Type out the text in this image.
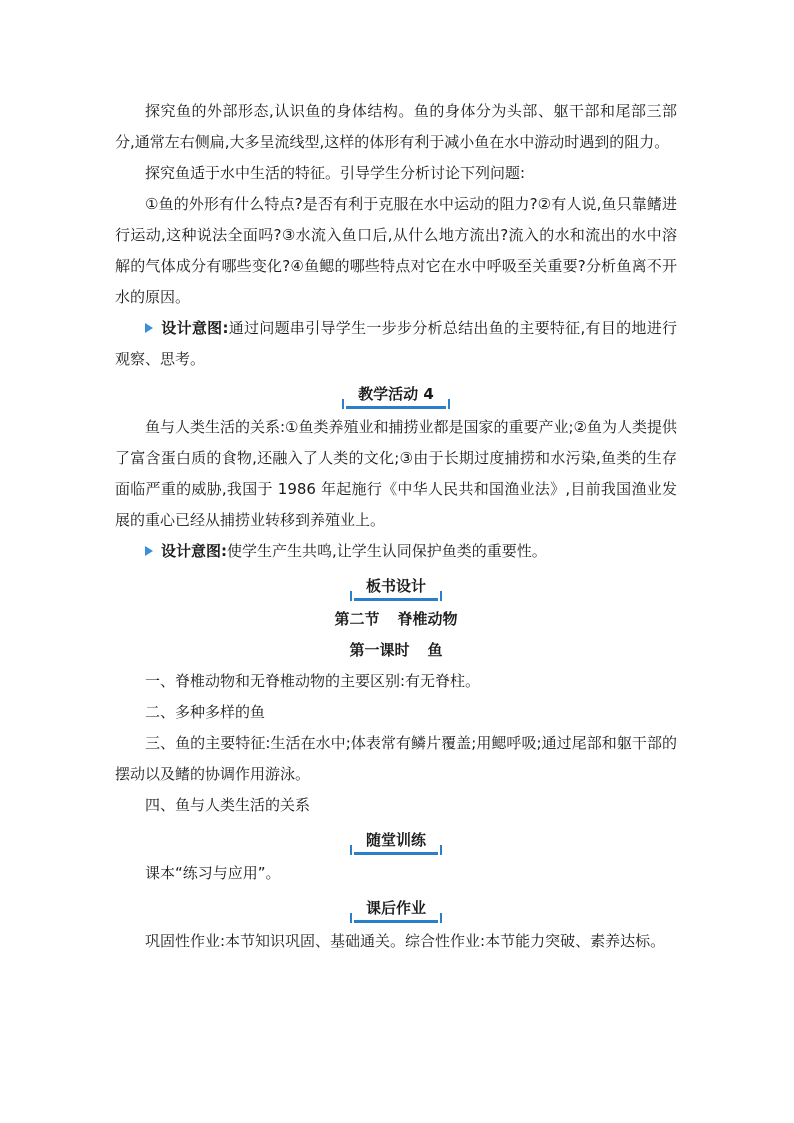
探究鱼的外部形态,认识鱼的身体结构。鱼的身体分为头部、躯干部和尾部三部分,通常左右侧扁,大多呈流线型,这样的体形有利于减小鱼在水中游动时遇到的阻力。

探究鱼适于水中生活的特征。引导学生分析讨论下列问题:

①鱼的外形有什么特点?是否有利于克服在水中运动的阻力?②有人说,鱼只靠鳍进行运动,这种说法全面吗?③水流入鱼口后,从什么地方流出?流入的水和流出的水中溶解的气体成分有哪些变化?④鱼鳃的哪些特点对它在水中呼吸至关重要?分析鱼离不开水的原因。

设计意图:通过问题串引导学生一步步分析总结出鱼的主要特征,有目的地进行观察、思考。

教学活动 4

鱼与人类生活的关系:①鱼类养殖业和捕捞业都是国家的重要产业;②鱼为人类提供了富含蛋白质的食物,还融入了人类的文化;③由于长期过度捕捞和水污染,鱼类的生存面临严重的威胁,我国于 1986 年起施行《中华人民共和国渔业法》,目前我国渔业发展的重心已经从捕捞业转移到养殖业上。

设计意图:使学生产生共鸣,让学生认同保护鱼类的重要性。

板书设计

第二节 脊椎动物

第一课时 鱼

一、脊椎动物和无脊椎动物的主要区别:有无脊柱。

二、多种多样的鱼

三、鱼的主要特征:生活在水中;体表常有鳞片覆盖;用鳃呼吸;通过尾部和躯干部的摆动以及鳍的协调作用游泳。

四、鱼与人类生活的关系

随堂训练

课本“练习与应用”。

课后作业

巩固性作业:本节知识巩固、基础通关。综合性作业:本节能力突破、素养达标。
